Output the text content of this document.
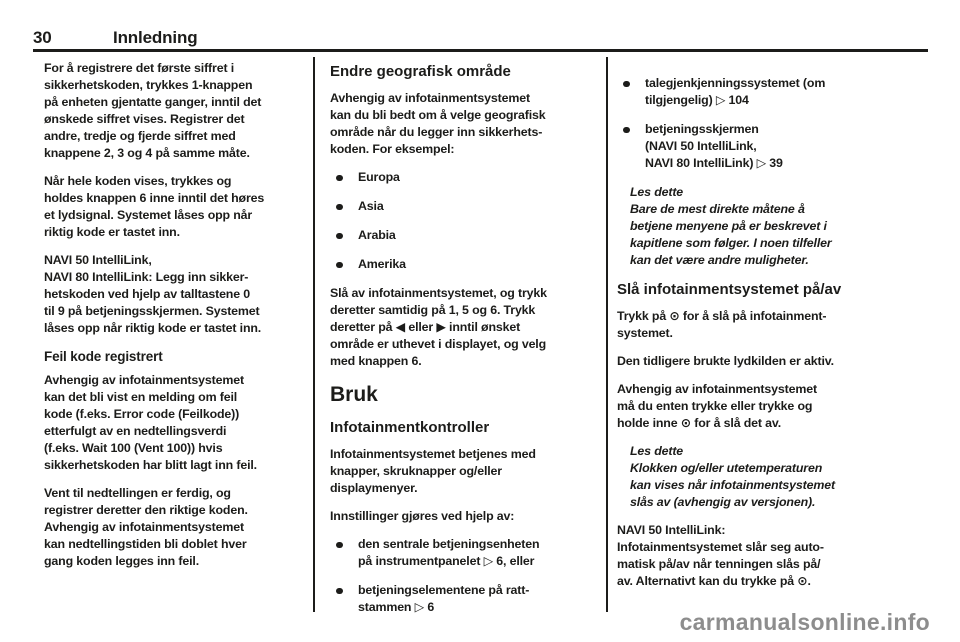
30	Innledning
For å registrere det første siffret i
sikkerhetskoden, trykkes 1-knappen
på enheten gjentatte ganger, inntil det
ønskede siffret vises. Registrer det
andre, tredje og fjerde siffret med
knappene 2, 3 og 4 på samme måte.
Når hele koden vises, trykkes og
holdes knappen 6 inne inntil det høres
et lydsignal. Systemet låses opp når
riktig kode er tastet inn.
NAVI 50 IntelliLink,
NAVI 80 IntelliLink: Legg inn sikker-
hetskoden ved hjelp av talltastene 0
til 9 på betjeningsskjermen. Systemet
låses opp når riktig kode er tastet inn.
Feil kode registrert
Avhengig av infotainmentsystemet
kan det bli vist en melding om feil
kode (f.eks. Error code (Feilkode))
etterfulgt av en nedtellingsverdi
(f.eks. Wait 100 (Vent 100)) hvis
sikkerhetskoden har blitt lagt inn feil.
Vent til nedtellingen er ferdig, og
registrer deretter den riktige koden.
Avhengig av infotainmentsystemet
kan nedtellingstiden bli doblet hver
gang koden legges inn feil.
Endre geografisk område
Avhengig av infotainmentsystemet
kan du bli bedt om å velge geografisk
område når du legger inn sikkerhets-
koden. For eksempel:
Europa
Asia
Arabia
Amerika
Slå av infotainmentsystemet, og trykk
deretter samtidig på 1, 5 og 6. Trykk
deretter på ◀ eller ▶ inntil ønsket
område er uthevet i displayet, og velg
med knappen 6.
Bruk
Infotainmentkontroller
Infotainmentsystemet betjenes med
knapper, skruknapper og/eller
displaymenyer.
Innstillinger gjøres ved hjelp av:
den sentrale betjeningsenheten
på instrumentpanelet ▷ 6, eller
betjeningselementene på ratt-
stammen ▷ 6
talegjenkjenningssystemet (om
tilgjengelig) ▷ 104
betjeningsskjermen
(NAVI 50 IntelliLink,
NAVI 80 IntelliLink) ▷ 39
Les dette
Bare de mest direkte måtene å
betjene menyene på er beskrevet i
kapitlene som følger. I noen tilfeller
kan det være andre muligheter.
Slå infotainmentsystemet på/av
Trykk på ⊙ for å slå på infotainment-
systemet.
Den tidligere brukte lydkilden er aktiv.
Avhengig av infotainmentsystemet
må du enten trykke eller trykke og
holde inne ⊙ for å slå det av.
Les dette
Klokken og/eller utetemperaturen
kan vises når infotainmentsystemet
slås av (avhengig av versjonen).
NAVI 50 IntelliLink:
Infotainmentsystemet slår seg auto-
matisk på/av når tenningen slås på/
av. Alternativt kan du trykke på ⊙.
carmanualsonline.info
